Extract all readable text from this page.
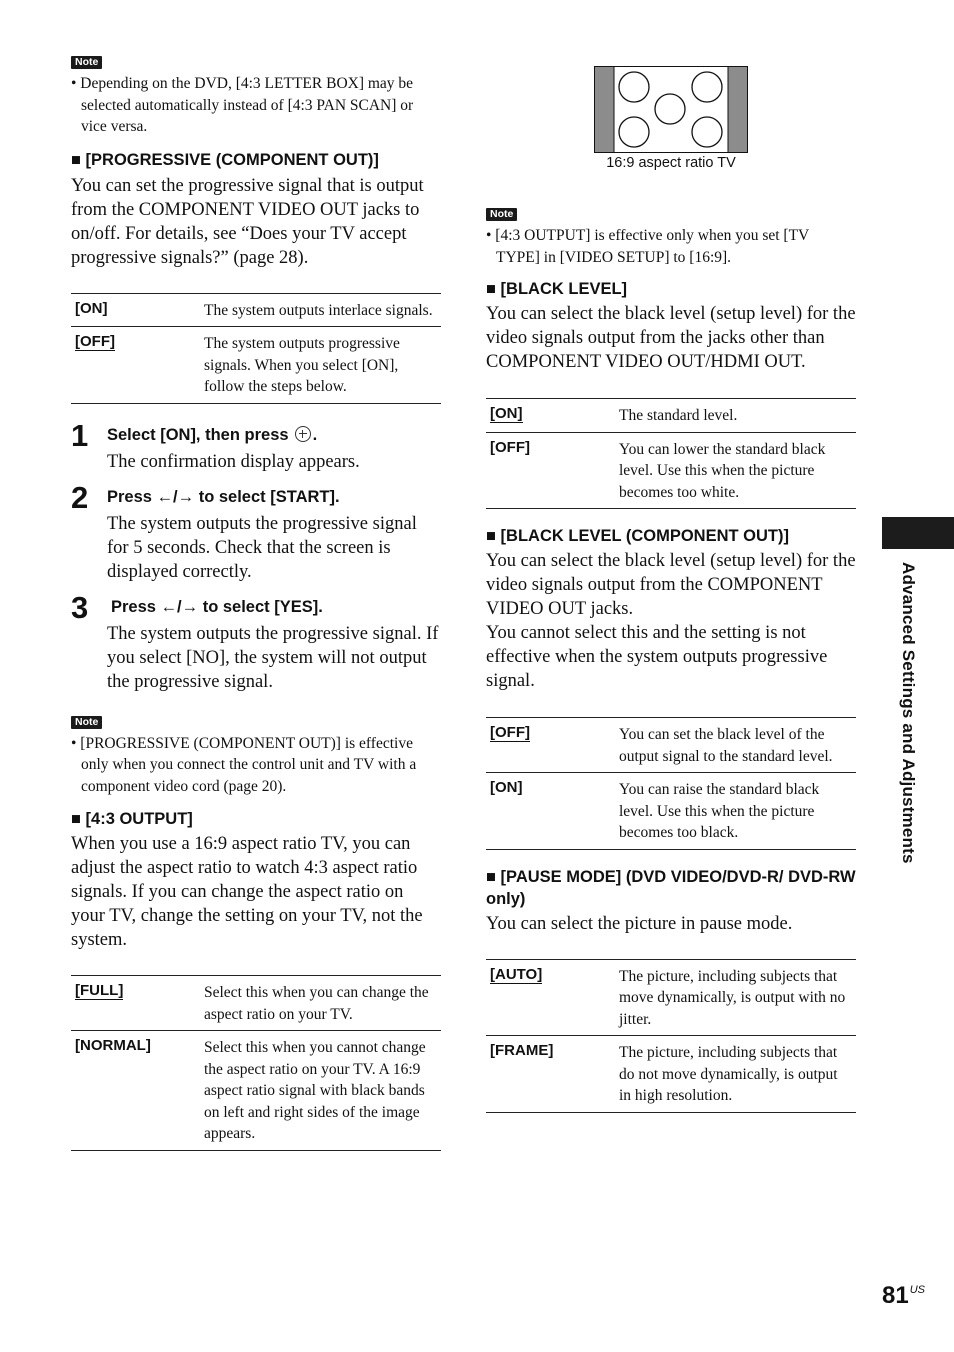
Note

• Depending on the DVD, [4:3 LETTER BOX] may be selected automatically instead of [4:3 PAN SCAN] or vice versa.

■ [PROGRESSIVE (COMPONENT OUT)]

You can set the progressive signal that is output from the COMPONENT VIDEO OUT jacks to on/off. For details, see “Does your TV accept progressive signals?” (page 28).

[ON]	The system outputs interlace signals.
[OFF]	The system outputs progressive signals. When you select [ON], follow the steps below.
1 Select [ON], then press .
The confirmation display appears.
2 Press ←/→ to select [START].
The system outputs the progressive signal for 5 seconds. Check that the screen is displayed correctly.
3 Press ←/→ to select [YES].
The system outputs the progressive signal. If you select [NO], the system will not output the progressive signal.
Note

• [PROGRESSIVE (COMPONENT OUT)] is effective only when you connect the control unit and TV with a component video cord (page 20).

■ [4:3 OUTPUT]

When you use a 16:9 aspect ratio TV, you can adjust the aspect ratio to watch 4:3 aspect ratio signals. If you can change the aspect ratio on your TV, change the setting on your TV, not the system.

[FULL]	Select this when you can change the aspect ratio on your TV.
[NORMAL]	Select this when you cannot change the aspect ratio on your TV. A 16:9 aspect ratio signal with black bands on left and right sides of the image appears.
16:9 aspect ratio TV
Note

• [4:3 OUTPUT] is effective only when you set [TV TYPE] in [VIDEO SETUP] to [16:9].

■ [BLACK LEVEL]

You can select the black level (setup level) for the video signals output from the jacks other than COMPONENT VIDEO OUT/HDMI OUT.

[ON]	The standard level.
[OFF]	You can lower the standard black level. Use this when the picture becomes too white.

■ [BLACK LEVEL (COMPONENT OUT)]

You can select the black level (setup level) for the video signals output from the COMPONENT VIDEO OUT jacks.

You cannot select this and the setting is not effective when the system outputs progressive signal.

[OFF]	You can set the black level of the output signal to the standard level.
[ON]	You can raise the standard black level. Use this when the picture becomes too black.

■ [PAUSE MODE] (DVD VIDEO/DVD-R/ DVD-RW only)

You can select the picture in pause mode.

[AUTO]	The picture, including subjects that move dynamically, is output with no jitter.
[FRAME]	The picture, including subjects that do not move dynamically, is output in high resolution.
Advanced Settings and Adjustments
$81^{US}$
